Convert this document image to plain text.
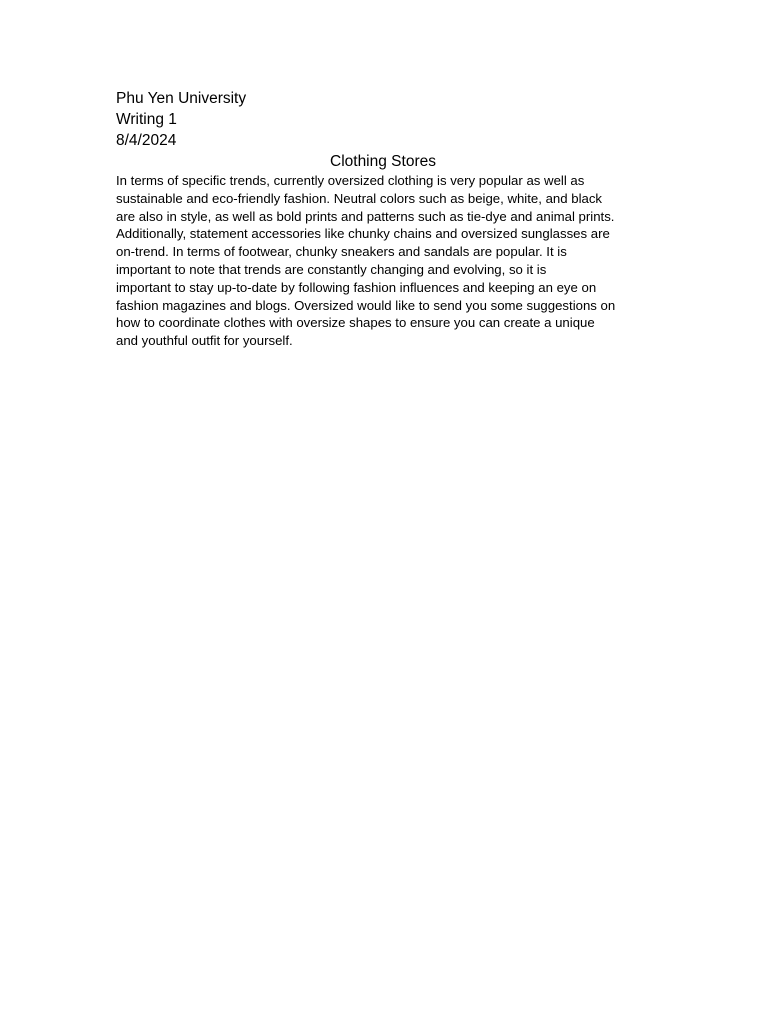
Phu Yen University
Writing 1
8/4/2024
Clothing Stores
In terms of specific trends, currently oversized clothing is very popular as well as
sustainable and eco-friendly fashion. Neutral colors such as beige, white, and black
are also in style, as well as bold prints and patterns such as tie-dye and animal prints.
Additionally, statement accessories like chunky chains and oversized sunglasses are
on-trend. In terms of footwear, chunky sneakers and sandals are popular. It is
important to note that trends are constantly changing and evolving, so it is
important to stay up-to-date by following fashion influences and keeping an eye on
fashion magazines and blogs. Oversized would like to send you some suggestions on
how to coordinate clothes with oversize shapes to ensure you can create a unique
and youthful outfit for yourself.
